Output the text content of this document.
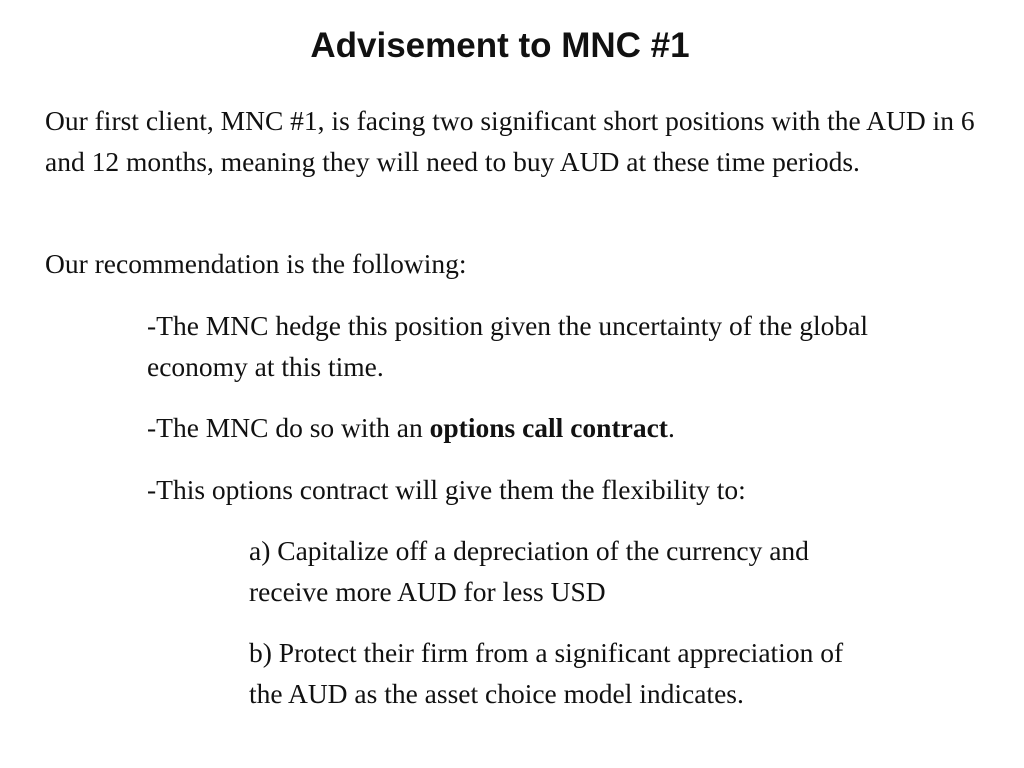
Advisement to MNC #1

Our first client, MNC #1, is facing two significant short positions with the AUD in 6 and 12 months, meaning they will need to buy AUD at these time periods.

Our recommendation is the following:

-The MNC hedge this position given the uncertainty of the global economy at this time.

-The MNC do so with an options call contract.

-This options contract will give them the flexibility to:

a) Capitalize off a depreciation of the currency and receive more AUD for less USD

b) Protect their firm from a significant appreciation of the AUD as the asset choice model indicates.
